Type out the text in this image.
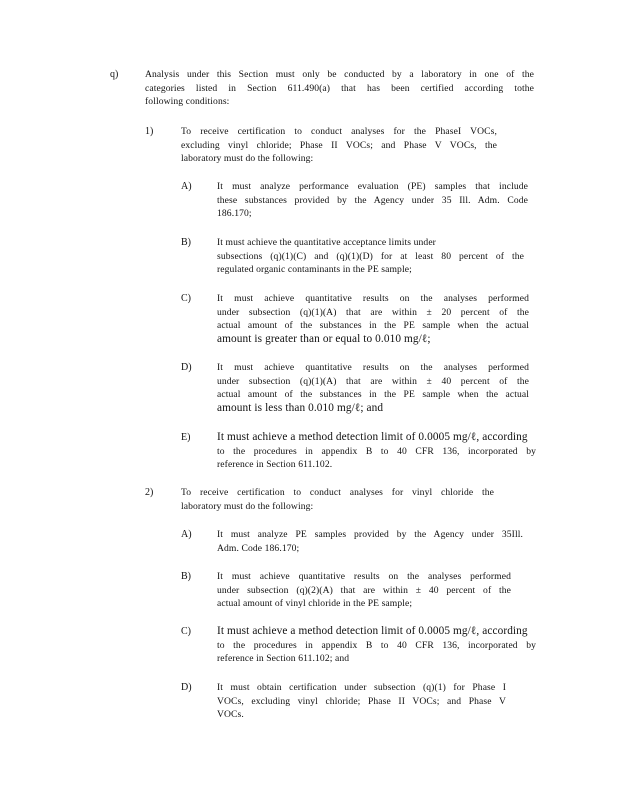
q)	Analysis under this Section must only be conducted by a laboratory in one of the
categories listed in Section 611.490(a) that has been certified according tothe
following conditions:
1)	To receive certification to conduct analyses for the PhaseI VOCs,
excluding vinyl chloride; Phase II VOCs; and Phase V VOCs, the
laboratory must do the following:
A)	It must analyze performance evaluation (PE) samples that include
these substances provided by the Agency under 35 Ill. Adm. Code
186.170;
B)	It must achieve the quantitative acceptance limits under
subsections (q)(1)(C) and (q)(1)(D) for at least 80 percent of the
regulated organic contaminants in the PE sample;
C)	It must achieve quantitative results on the analyses performed
under subsection (q)(1)(A) that are within ± 20 percent of the
actual amount of the substances in the PE sample when the actual
amount is greater than or equal to 0.010 mg/ℓ;
D)	It must achieve quantitative results on the analyses performed
under subsection (q)(1)(A) that are within ± 40 percent of the
actual amount of the substances in the PE sample when the actual
amount is less than 0.010 mg/ℓ; and
E) It must achieve a method detection limit of 0.0005 mg/ℓ, according
to the procedures in appendix B to 40 CFR 136, incorporated by
reference in Section 611.102.
2)	To receive certification to conduct analyses for vinyl chloride the
laboratory must do the following:
A)	It must analyze PE samples provided by the Agency under 35Ill.
Adm. Code 186.170;
B)	It must achieve quantitative results on the analyses performed
under subsection (q)(2)(A) that are within ± 40 percent of the
actual amount of vinyl chloride in the PE sample;
C) It must achieve a method detection limit of 0.0005 mg/ℓ, according
to the procedures in appendix B to 40 CFR 136, incorporated by
reference in Section 611.102; and
D)	It must obtain certification under subsection (q)(1) for Phase I
VOCs, excluding vinyl chloride; Phase II VOCs; and Phase V
VOCs.
